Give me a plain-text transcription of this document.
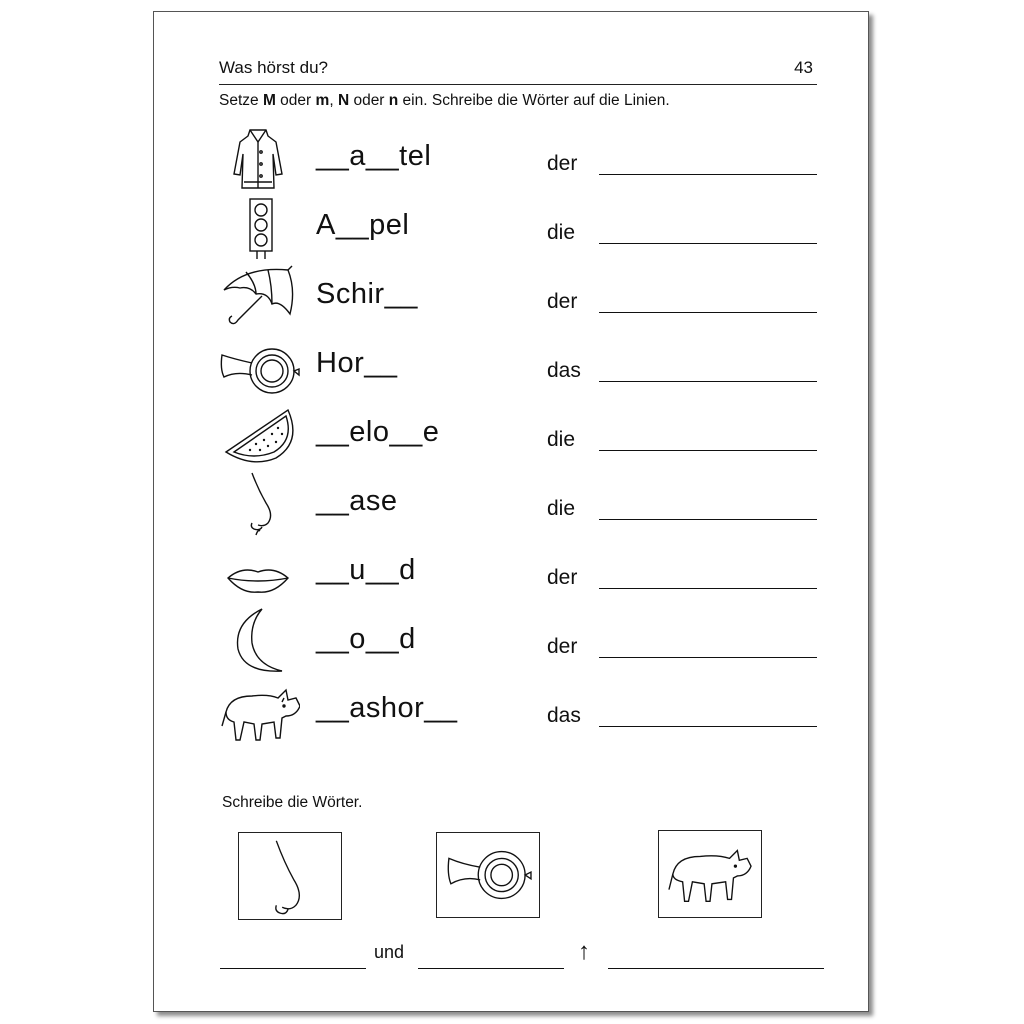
Was hörst du?	43
Setze M oder m, N oder n ein. Schreibe die Wörter auf die Linien.
__a__tel	der
A__pel	die
Schir__	der
Hor__	das
__elo__e	die
__ase	die
__u__d	der
__o__d	der
__ashor__	das
Schreibe die Wörter.
und	↑
